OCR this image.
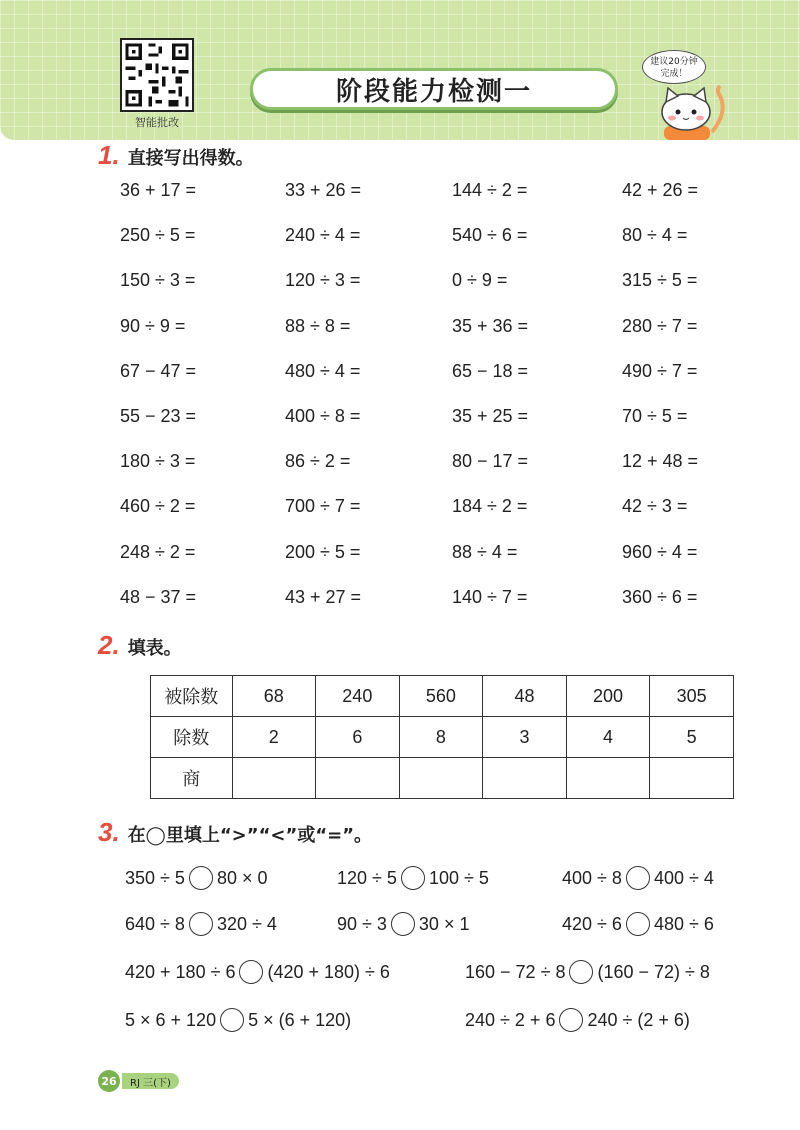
智能批改
阶段能力检测一
建议20分钟
完成！
1. 直接写出得数。
36 + 17 =	33 + 26 =	144 ÷ 2 =	42 + 26 =
250 ÷ 5 =	240 ÷ 4 =	540 ÷ 6 =	80 ÷ 4 =
150 ÷ 3 =	120 ÷ 3 =	0 ÷ 9 =	315 ÷ 5 =
90 ÷ 9 =	88 ÷ 8 =	35 + 36 =	280 ÷ 7 =
67 − 47 =	480 ÷ 4 =	65 − 18 =	490 ÷ 7 =
55 − 23 =	400 ÷ 8 =	35 + 25 =	70 ÷ 5 =
180 ÷ 3 =	86 ÷ 2 =	80 − 17 =	12 + 48 =
460 ÷ 2 =	700 ÷ 7 =	184 ÷ 2 =	42 ÷ 3 =
248 ÷ 2 =	200 ÷ 5 =	88 ÷ 4 =	960 ÷ 4 =
48 − 37 =	43 + 27 =	140 ÷ 7 =	360 ÷ 6 =
2. 填表。
被除数	68	240	560	48	200	305
除数	2	6	8	3	4	5
商						
3. 在◯里填上“>”“<”或“=”。
350 ÷ 5 80 × 0	120 ÷ 5 100 ÷ 5	400 ÷ 8 400 ÷ 4
640 ÷ 8 320 ÷ 4	90 ÷ 3 30 × 1	420 ÷ 6 480 ÷ 6
420 + 180 ÷ 6 (420 + 180) ÷ 6	160 − 72 ÷ 8 (160 − 72) ÷ 8
5 × 6 + 120 5 × (6 + 120)	240 ÷ 2 + 6 240 ÷ (2 + 6)
26	RJ 三(下)
